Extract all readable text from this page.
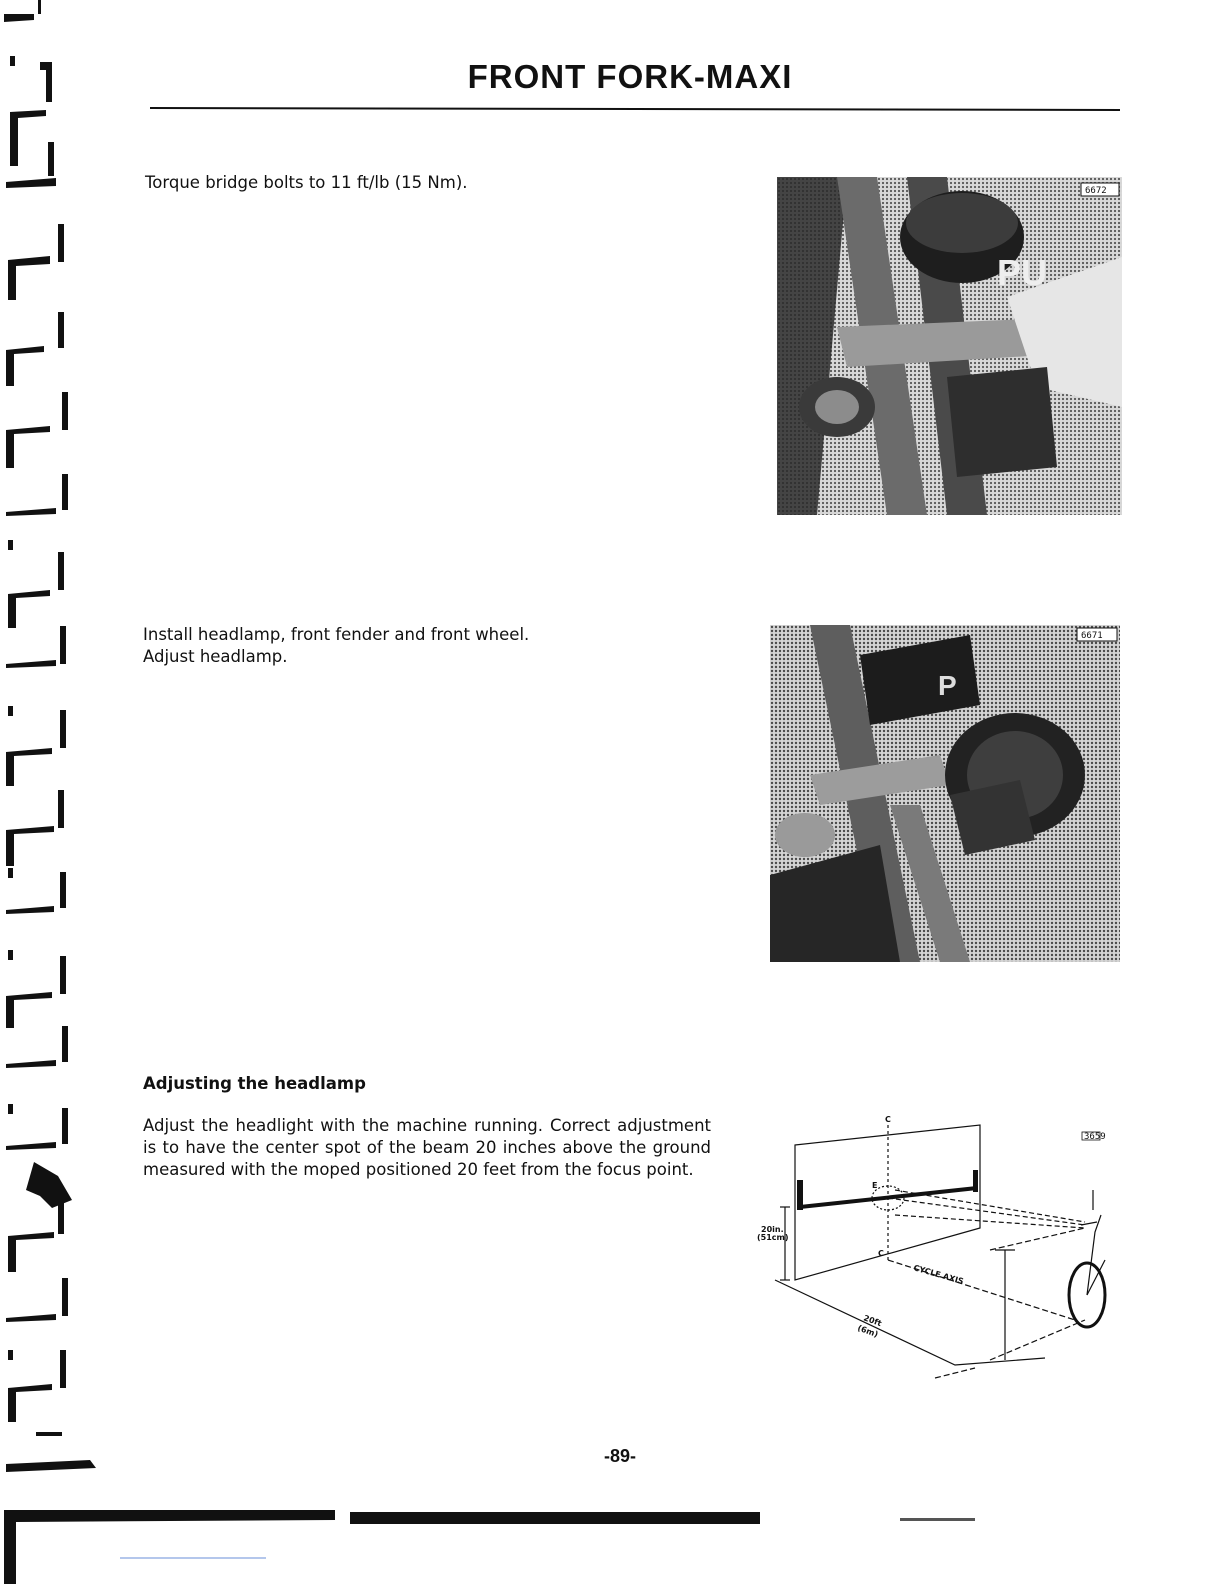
FRONT FORK-MAXI
Torque bridge bolts to 11 ft/lb (15 Nm).
PU
6672
Install headlamp, front fender and front wheel.
Adjust headlamp.
P
6671
Adjusting the headlamp
Adjust the headlight with the machine running. Correct adjustment is to have the center spot of the beam 20 inches above the ground measured with the moped positioned 20 feet from the focus point.
3659
C
E
C
20in.
(51cm)
CYCLE AXIS
20ft
(6m)
-89-
